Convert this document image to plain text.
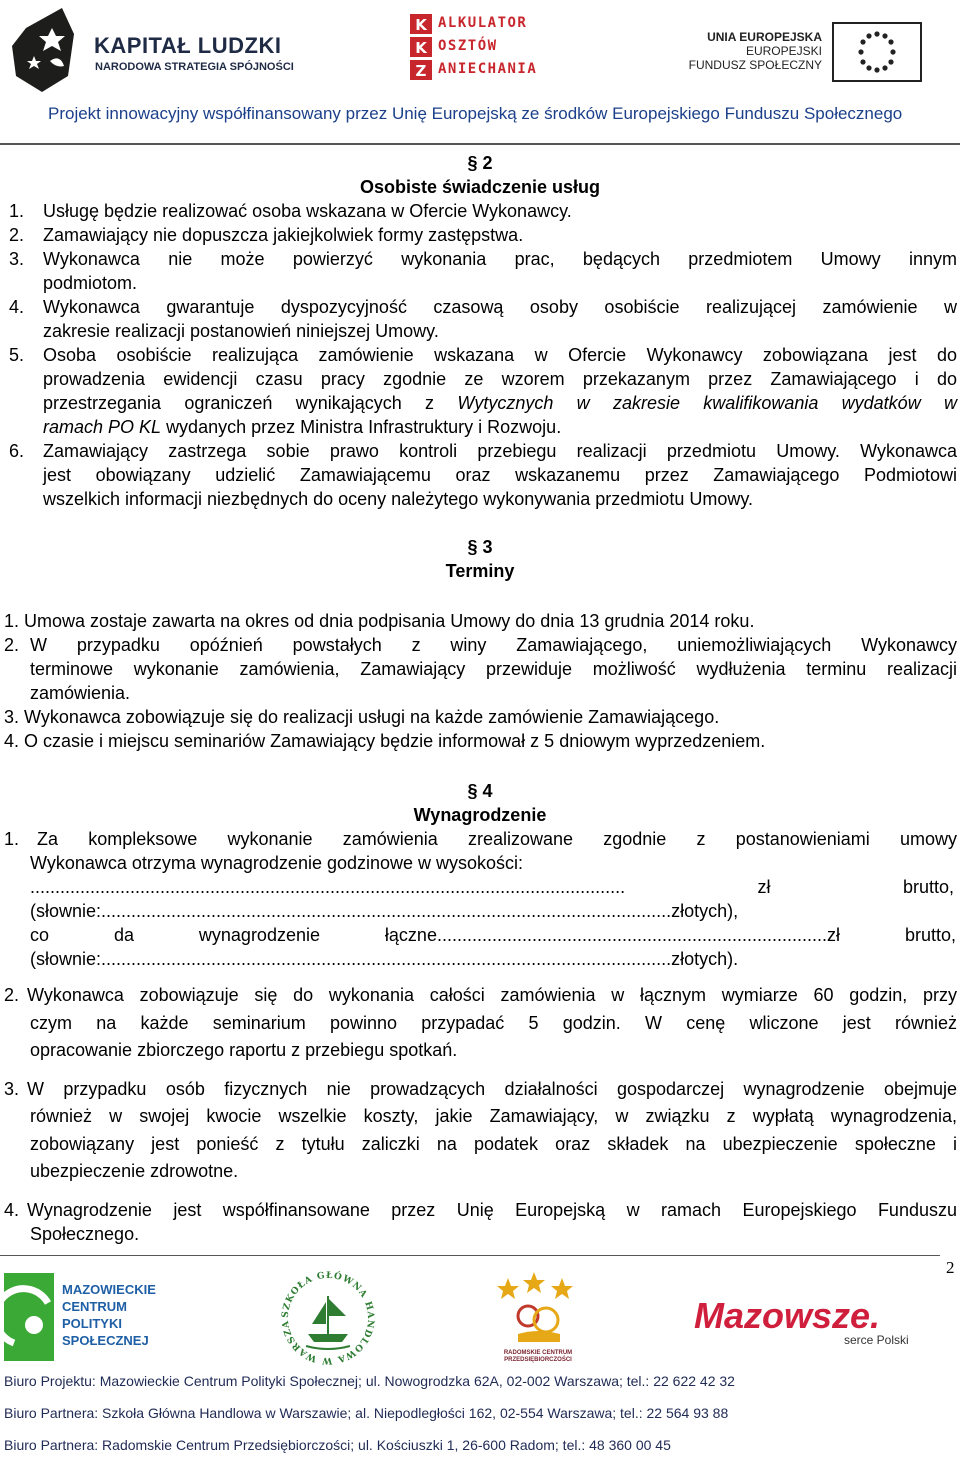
KAPITAŁ LUDZKI
NARODOWA STRATEGIA SPÓJNOŚCI
K
K
Z
ALKULATOR
OSZTÓW
ANIECHANIA
UNIA EUROPEJSKA
EUROPEJSKI
FUNDUSZ SPOŁECZNY
Projekt innowacyjny współfinansowany przez Unię Europejską ze środków Europejskiego Funduszu Społecznego
§ 2
Osobiste świadczenie usług
1. Usługę będzie realizować osoba wskazana w Ofercie Wykonawcy.
2. Zamawiający nie dopuszcza jakiejkolwiek formy zastępstwa.
3. Wykonawca nie może powierzyć wykonania prac, będących przedmiotem Umowy innym
podmiotom.
4. Wykonawca gwarantuje dyspozycyjność czasową osoby osobiście realizującej zamówienie w
zakresie realizacji postanowień niniejszej Umowy.
5. Osoba osobiście realizująca zamówienie wskazana w Ofercie Wykonawcy zobowiązana jest do
prowadzenia ewidencji czasu pracy zgodnie ze wzorem przekazanym przez Zamawiającego i do
przestrzegania ograniczeń wynikających z Wytycznych w zakresie kwalifikowania wydatków w
ramach PO KL wydanych przez Ministra Infrastruktury i Rozwoju.
6. Zamawiający zastrzega sobie prawo kontroli przebiegu realizacji przedmiotu Umowy. Wykonawca
jest obowiązany udzielić Zamawiającemu oraz wskazanemu przez Zamawiającego Podmiotowi
wszelkich informacji niezbędnych do oceny należytego wykonywania przedmiotu Umowy.
§ 3
Terminy
1. Umowa zostaje zawarta na okres od dnia podpisania Umowy do dnia 13 grudnia 2014 roku.
2. W przypadku opóźnień powstałych z winy Zamawiającego, uniemożliwiających Wykonawcy
terminowe wykonanie zamówienia, Zamawiający przewiduje możliwość wydłużenia terminu realizacji
zamówienia.
3. Wykonawca zobowiązuje się do realizacji usługi na każde zamówienie Zamawiającego.
4. O czasie i miejscu seminariów Zamawiający będzie informował z 5 dniowym wyprzedzeniem.
§ 4
Wynagrodzenie
1. Za kompleksowe wykonanie zamówienia zrealizowane zgodnie z postanowieniami umowy
Wykonawca otrzyma wynagrodzenie godzinowe w wysokości:
....................................................................................................................... zł brutto,
(słownie:..................................................................................................................złotych),
co da wynagrodzenie łączne..............................................................................zł brutto,
(słownie:..................................................................................................................złotych).
2. Wykonawca zobowiązuje się do wykonania całości zamówienia w łącznym wymiarze 60 godzin, przy
czym na każde seminarium powinno przypadać 5 godzin. W cenę wliczone jest również
opracowanie zbiorczego raportu z przebiegu spotkań.
3. W przypadku osób fizycznych nie prowadzących działalności gospodarczej wynagrodzenie obejmuje
również w swojej kwocie wszelkie koszty, jakie Zamawiający, w związku z wypłatą wynagrodzenia,
zobowiązany jest ponieść z tytułu zaliczki na podatek oraz składek na ubezpieczenie społeczne i
ubezpieczenie zdrowotne.
4. Wynagrodzenie jest współfinansowane przez Unię Europejską w ramach Europejskiego Funduszu
Społecznego.
2
MAZOWIECKIE
CENTRUM
POLITYKI
SPOŁECZNEJ
SZKOŁA GŁÓWNA HANDLOWA W WARSZA
RADOMSKIE CENTRUM
PRZEDSIĘBIORCZOŚCI
Mazowsze.
serce Polski
Biuro Projektu: Mazowieckie Centrum Polityki Społecznej; ul. Nowogrodzka 62A, 02-002 Warszawa; tel.: 22 622 42 32
Biuro Partnera: Szkoła Główna Handlowa w Warszawie; al. Niepodległości 162, 02-554 Warszawa; tel.: 22 564 93 88
Biuro Partnera: Radomskie Centrum Przedsiębiorczości; ul. Kościuszki 1, 26-600 Radom; tel.: 48 360 00 45
